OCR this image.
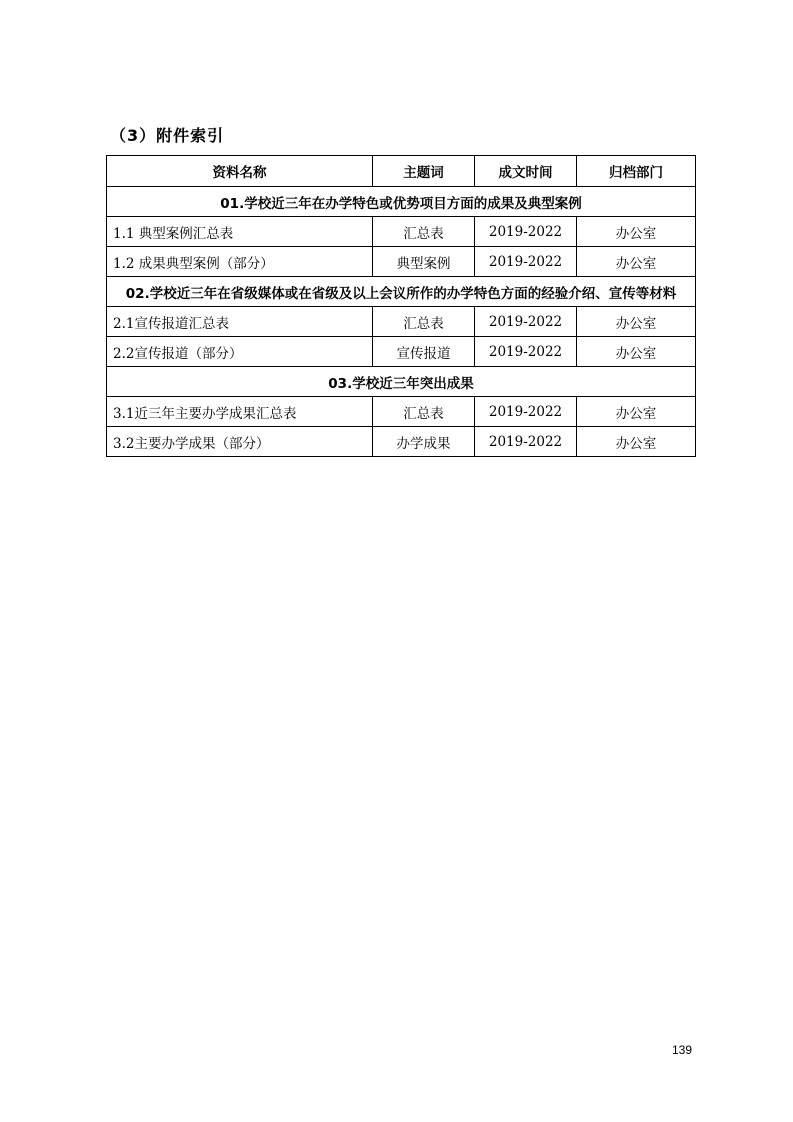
（3）附件索引
资料名称	主题词	成文时间	归档部门
01.学校近三年在办学特色或优势项目方面的成果及典型案例			
1.1 典型案例汇总表	汇总表	2019-2022	办公室
1.2 成果典型案例（部分）	典型案例	2019-2022	办公室
02.学校近三年在省级媒体或在省级及以上会议所作的办学特色方面的经验介绍、宣传等材料			
2.1宣传报道汇总表	汇总表	2019-2022	办公室
2.2宣传报道（部分）	宣传报道	2019-2022	办公室
03.学校近三年突出成果			
3.1近三年主要办学成果汇总表	汇总表	2019-2022	办公室
3.2主要办学成果（部分）	办学成果	2019-2022	办公室
139
